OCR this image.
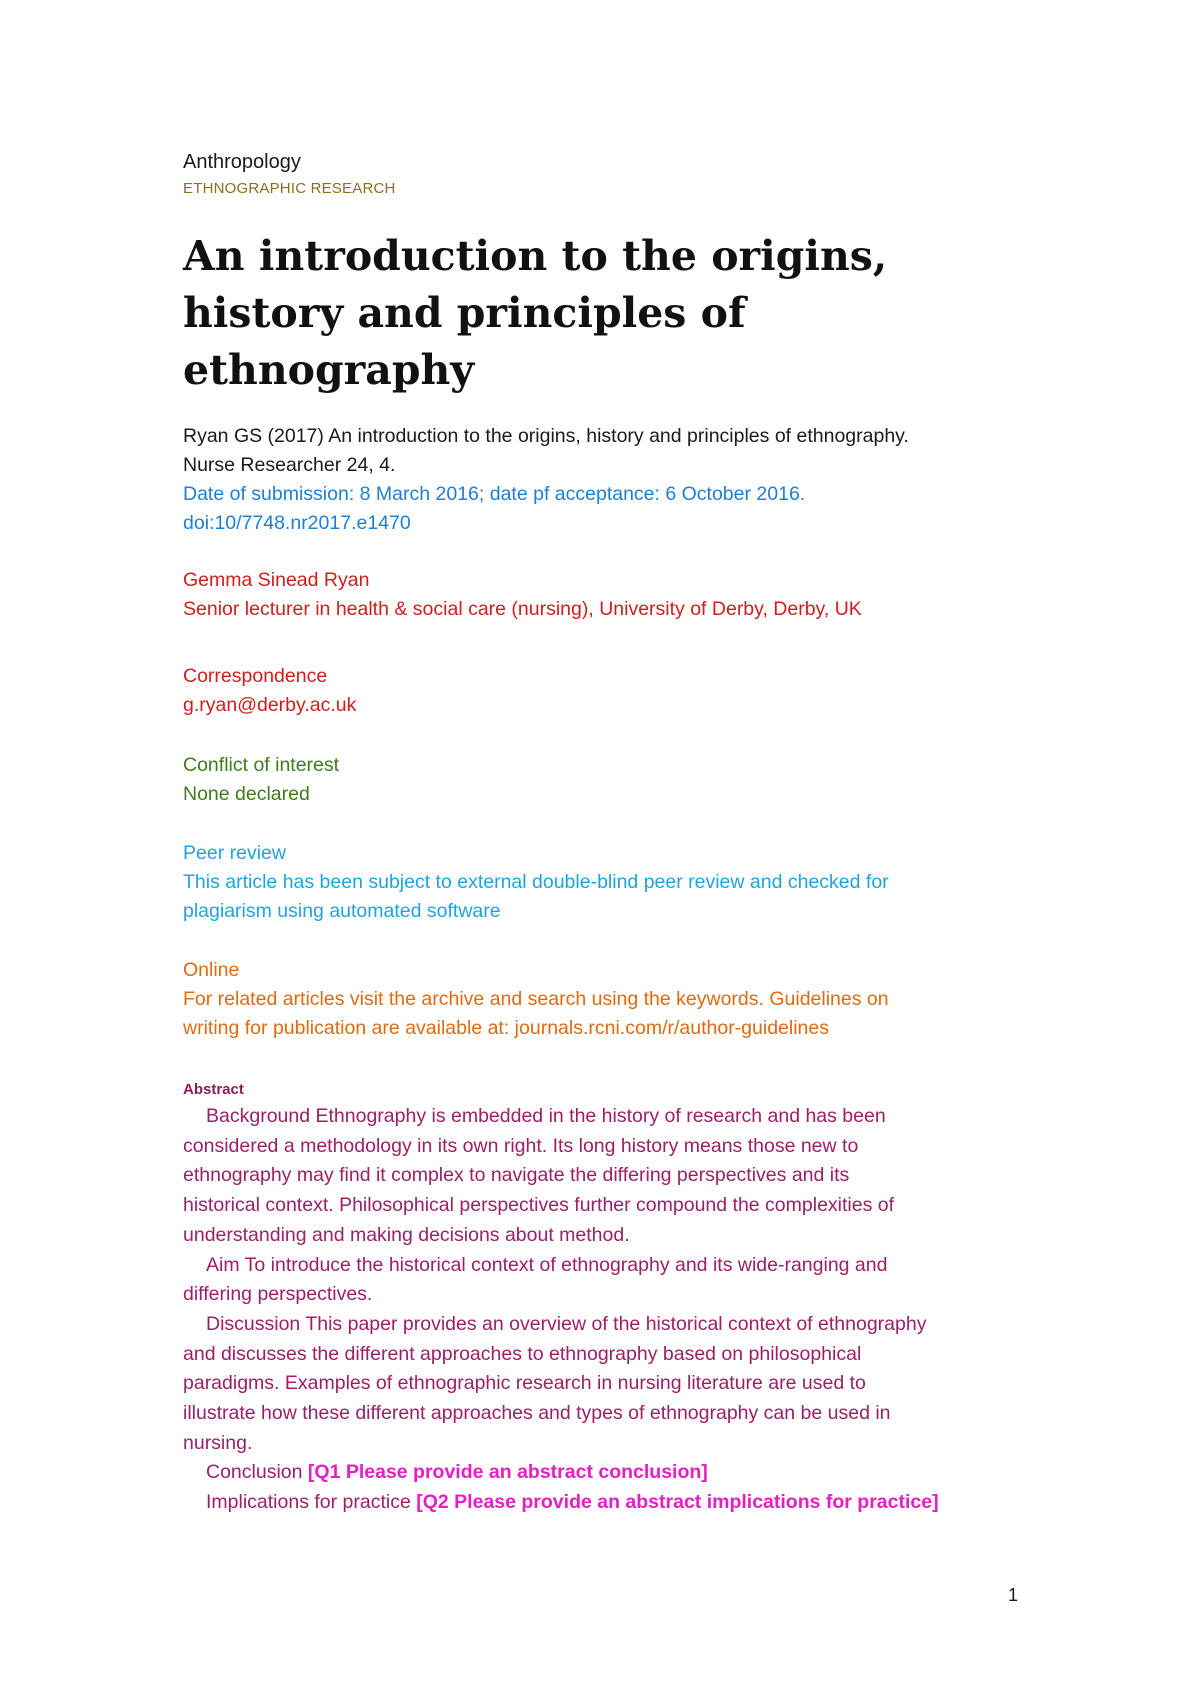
Anthropology
ETHNOGRAPHIC RESEARCH
An introduction to the origins,
history and principles of
ethnography
Ryan GS (2017) An introduction to the origins, history and principles of ethnography.
Nurse Researcher 24, 4.
Date of submission: 8 March 2016; date pf acceptance: 6 October 2016.
doi:10/7748.nr2017.e1470
Gemma Sinead Ryan
Senior lecturer in health & social care (nursing), University of Derby, Derby, UK
Correspondence
g.ryan@derby.ac.uk
Conflict of interest
None declared
Peer review
This article has been subject to external double-blind peer review and checked for
plagiarism using automated software
Online
For related articles visit the archive and search using the keywords. Guidelines on
writing for publication are available at: journals.rcni.com/r/author-guidelines
Abstract
Background Ethnography is embedded in the history of research and has been
considered a methodology in its own right. Its long history means those new to
ethnography may find it complex to navigate the differing perspectives and its
historical context. Philosophical perspectives further compound the complexities of
understanding and making decisions about method.
Aim To introduce the historical context of ethnography and its wide-ranging and
differing perspectives.
Discussion This paper provides an overview of the historical context of ethnography
and discusses the different approaches to ethnography based on philosophical
paradigms. Examples of ethnographic research in nursing literature are used to
illustrate how these different approaches and types of ethnography can be used in
nursing.
Conclusion [Q1 Please provide an abstract conclusion]
Implications for practice [Q2 Please provide an abstract implications for practice]
1
